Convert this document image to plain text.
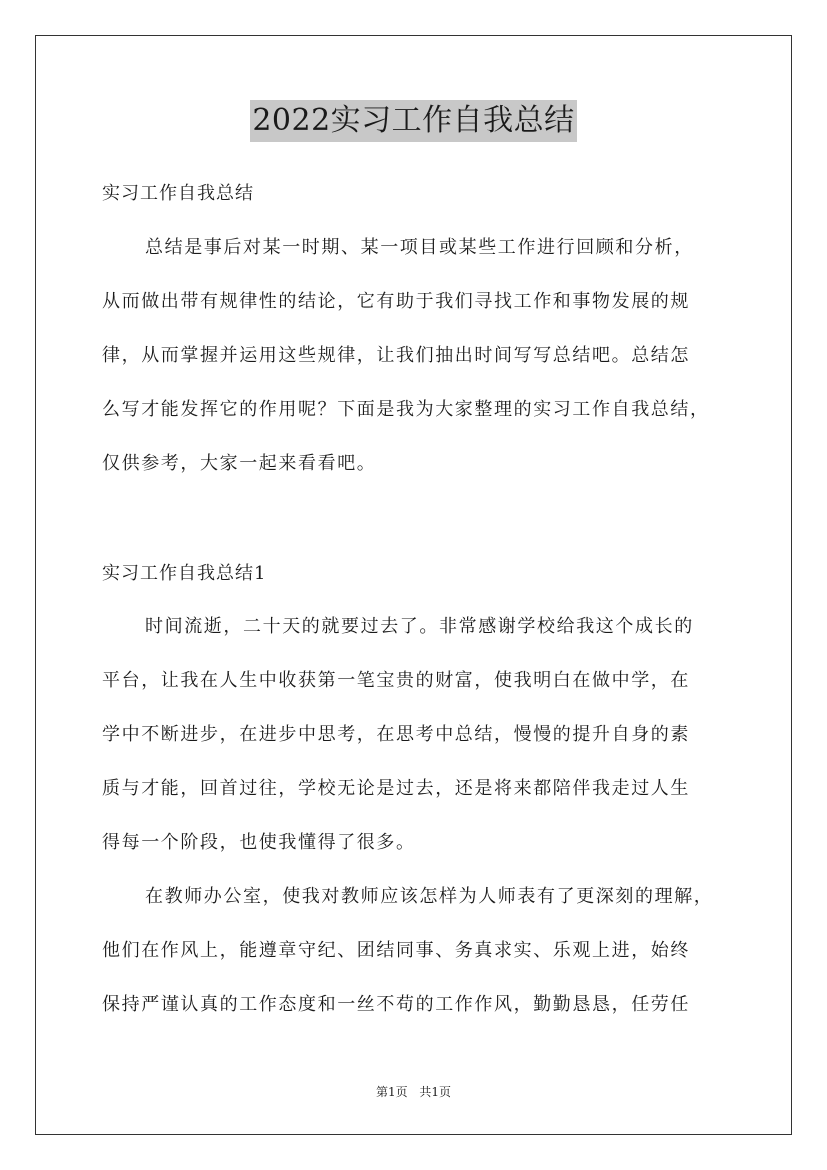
2022实习工作自我总结
实习工作自我总结
总结是事后对某一时期、某一项目或某些工作进行回顾和分析，
从而做出带有规律性的结论，它有助于我们寻找工作和事物发展的规
律，从而掌握并运用这些规律，让我们抽出时间写写总结吧。总结怎
么写才能发挥它的作用呢？下面是我为大家整理的实习工作自我总结，
仅供参考，大家一起来看看吧。
实习工作自我总结1
时间流逝，二十天的就要过去了。非常感谢学校给我这个成长的
平台，让我在人生中收获第一笔宝贵的财富，使我明白在做中学，在
学中不断进步，在进步中思考，在思考中总结，慢慢的提升自身的素
质与才能，回首过往，学校无论是过去，还是将来都陪伴我走过人生
得每一个阶段，也使我懂得了很多。
在教师办公室，使我对教师应该怎样为人师表有了更深刻的理解，
他们在作风上，能遵章守纪、团结同事、务真求实、乐观上进，始终
保持严谨认真的工作态度和一丝不苟的工作作风，勤勤恳恳，任劳任
第1页 共1页
